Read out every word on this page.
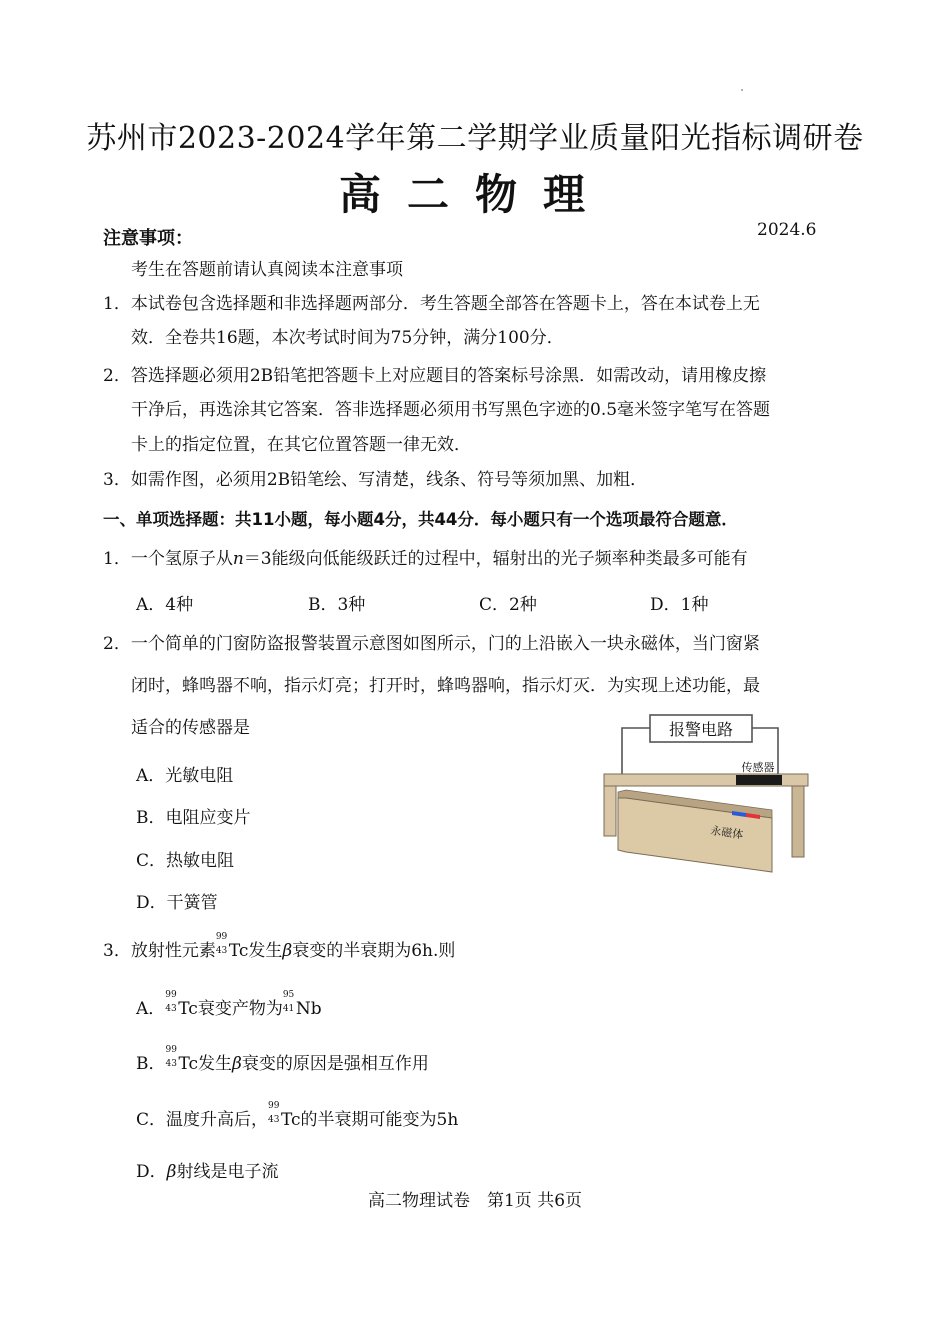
苏州市2023-2024学年第二学期学业质量阳光指标调研卷
高二物理
注意事项：	2024.6
考生在答题前请认真阅读本注意事项
1．本试卷包含选择题和非选择题两部分．考生答题全部答在答题卡上，答在本试卷上无
效．全卷共16题，本次考试时间为75分钟，满分100分．
2．答选择题必须用2B铅笔把答题卡上对应题目的答案标号涂黑．如需改动，请用橡皮擦
干净后，再选涂其它答案．答非选择题必须用书写黑色字迹的0.5毫米签字笔写在答题
卡上的指定位置，在其它位置答题一律无效．
3．如需作图，必须用2B铅笔绘、写清楚，线条、符号等须加黑、加粗．
一、单项选择题：共11小题，每小题4分，共44分．每小题只有一个选项最符合题意．
1．一个氢原子从n＝3能级向低能级跃迁的过程中，辐射出的光子频率种类最多可能有
A．4种	B．3种	C．2种	D．1种
2．一个简单的门窗防盗报警装置示意图如图所示，门的上沿嵌入一块永磁体，当门窗紧
闭时，蜂鸣器不响，指示灯亮；打开时，蜂鸣器响，指示灯灭．为实现上述功能，最
适合的传感器是
A．光敏电阻
B．电阻应变片
C．热敏电阻
D．干簧管
报警电路
传感器
永磁体
3．放射性元素
99
43 Tc发生β衰变的半衰期为6h.则
A．
99
43 Tc衰变产物为
95
41 Nb
B．
99
43 Tc发生β衰变的原因是强相互作用
C．温度升高后，
99
43 Tc的半衰期可能变为5h
D．β射线是电子流
高二物理试卷　第1页 共6页
